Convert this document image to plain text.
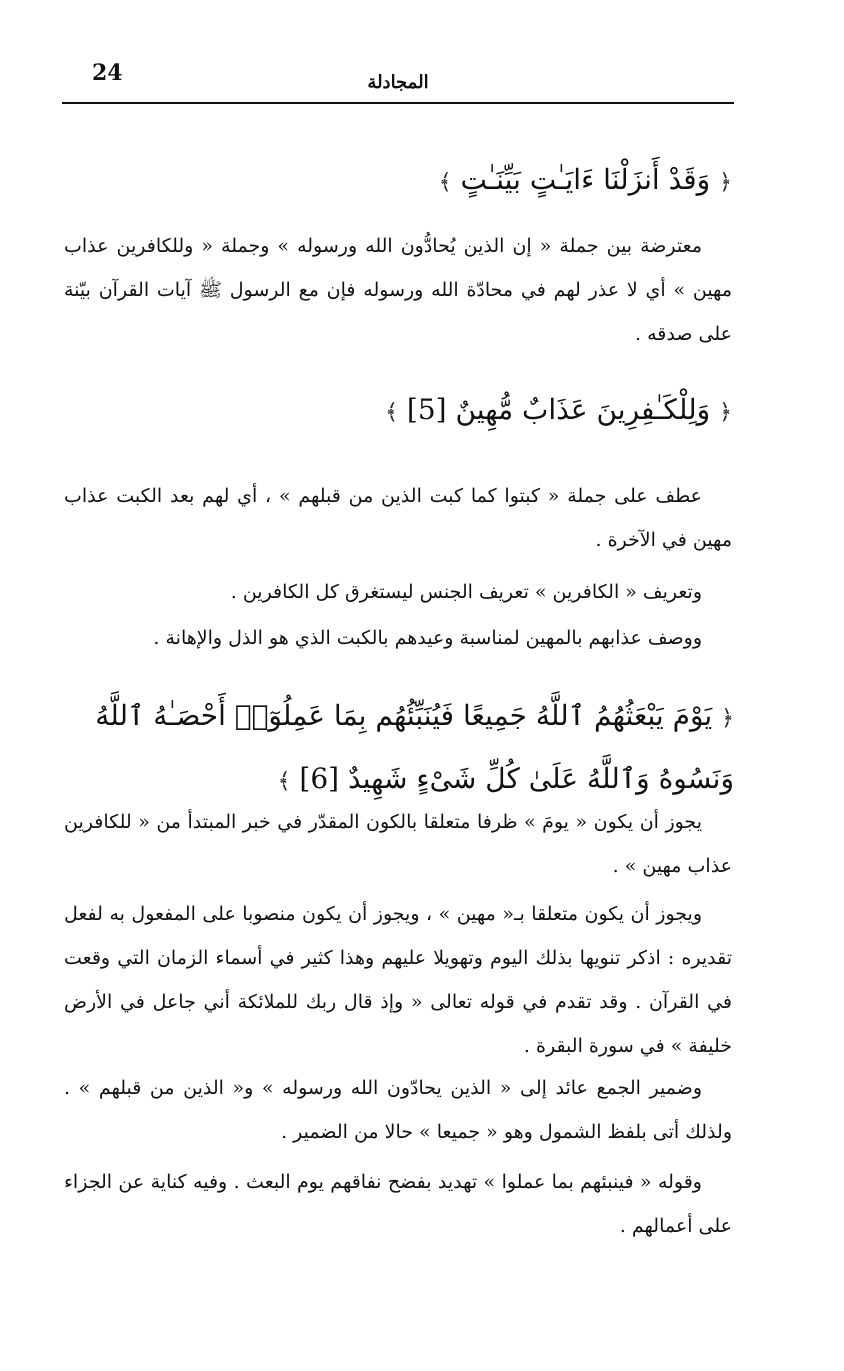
24	المجادلة
﴿ وَقَدْ أَنزَلْنَا ءَايَـٰتٍ بَيِّنَـٰتٍ ﴾
معترضة بين جملة « إن الذين يُحادُّون الله ورسوله » وجملة « وللكافرين عذاب مهين » أي لا عذر لهم في محادّة الله ورسوله فإن مع الرسول ﷺ آيات القرآن بيّنة على صدقه .
﴿ وَلِلْكَـٰفِرِينَ عَذَابٌ مُّهِينٌ [5] ﴾
عطف على جملة « كبتوا كما كبت الذين من قبلهم » ، أي لهم بعد الكبت عذاب مهين في الآخرة .
وتعريف « الكافرين » تعريف الجنس ليستغرق كل الكافرين .
ووصف عذابهم بالمهين لمناسبة وعيدهم بالكبت الذي هو الذل والإهانة .
﴿ يَوْمَ يَبْعَثُهُمُ ٱللَّهُ جَمِيعًا فَيُنَبِّئُهُم بِمَا عَمِلُوٓا۟ أَحْصَـٰهُ ٱللَّهُ وَنَسُوهُ وَٱللَّهُ عَلَىٰ كُلِّ شَىْءٍ شَهِيدٌ [6] ﴾
يجوز أن يكون « يومَ » ظرفا متعلقا بالكون المقدّر في خبر المبتدأ من « للكافرين عذاب مهين » .
ويجوز أن يكون متعلقا بـ« مهين » ، ويجوز أن يكون منصوبا على المفعول به لفعل تقديره : اذكر تنويها بذلك اليوم وتهويلا عليهم وهذا كثير في أسماء الزمان التي وقعت في القرآن . وقد تقدم في قوله تعالى « وإذ قال ربك للملائكة أني جاعل في الأرض خليفة » في سورة البقرة .
وضمير الجمع عائد إلى « الذين يحادّون الله ورسوله » و« الذين من قبلهم » . ولذلك أتى بلفظ الشمول وهو « جميعا » حالا من الضمير .
وقوله « فينبئهم بما عملوا » تهديد بفضح نفاقهم يوم البعث . وفيه كناية عن الجزاء على أعمالهم .
